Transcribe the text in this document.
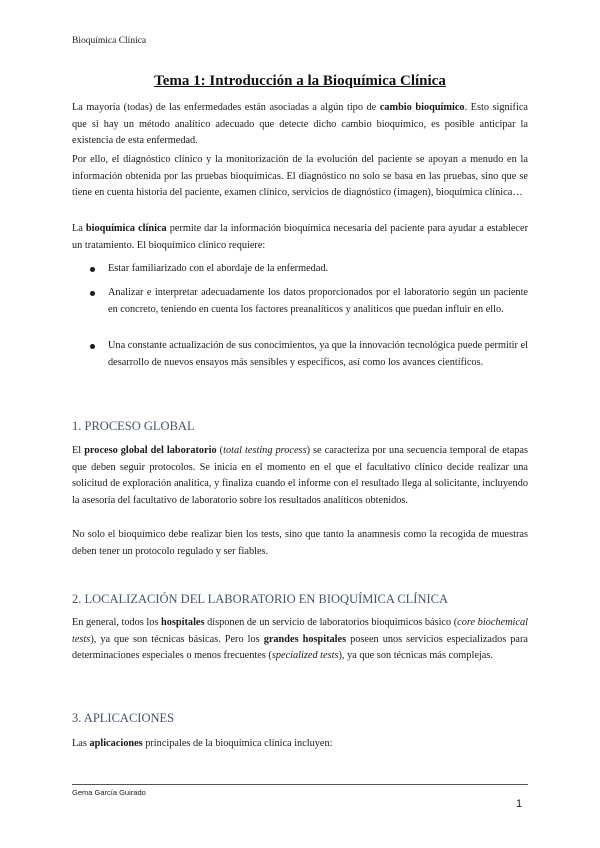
Bioquímica Clínica
Tema 1: Introducción a la Bioquímica Clínica

La mayoría (todas) de las enfermedades están asociadas a algún tipo de cambio bioquímico. Esto significa que si hay un método analítico adecuado que detecte dicho cambio bioquímico, es posible anticipar la existencia de esta enfermedad.

Por ello, el diagnóstico clínico y la monitorización de la evolución del paciente se apoyan a menudo en la información obtenida por las pruebas bioquímicas. El diagnóstico no solo se basa en las pruebas, sino que se tiene en cuenta historia del paciente, examen clínico, servicios de diagnóstico (imagen), bioquímica clínica…

La bioquímica clínica permite dar la información bioquímica necesaria del paciente para ayudar a establecer un tratamiento. El bioquímico clínico requiere:

Estar familiarizado con el abordaje de la enfermedad.
Analizar e interpretar adecuadamente los datos proporcionados por el laboratorio según un paciente en concreto, teniendo en cuenta los factores preanalíticos y analíticos que puedan influir en ello.
Una constante actualización de sus conocimientos, ya que la innovación tecnológica puede permitir el desarrollo de nuevos ensayos más sensibles y específicos, así como los avances científicos.
1. PROCESO GLOBAL

El proceso global del laboratorio (total testing process) se caracteriza por una secuencia temporal de etapas que deben seguir protocolos. Se inicia en el momento en el que el facultativo clínico decide realizar una solicitud de exploración analítica, y finaliza cuando el informe con el resultado llega al solicitante, incluyendo la asesoría del facultativo de laboratorio sobre los resultados analíticos obtenidos.

No solo el bioquímico debe realizar bien los tests, sino que tanto la anamnesis como la recogida de muestras deben tener un protocolo regulado y ser fiables.

2. LOCALIZACIÓN DEL LABORATORIO EN BIOQUÍMICA CLÍNICA

En general, todos los hospitales disponen de un servicio de laboratorios bioquímicos básico (core biochemical tests), ya que son técnicas básicas. Pero los grandes hospitales poseen unos servicios especializados para determinaciones especiales o menos frecuentes (specialized tests), ya que son técnicas más complejas.

3. APLICACIONES

Las aplicaciones principales de la bioquímica clínica incluyen:

Gema García Guirado
1
